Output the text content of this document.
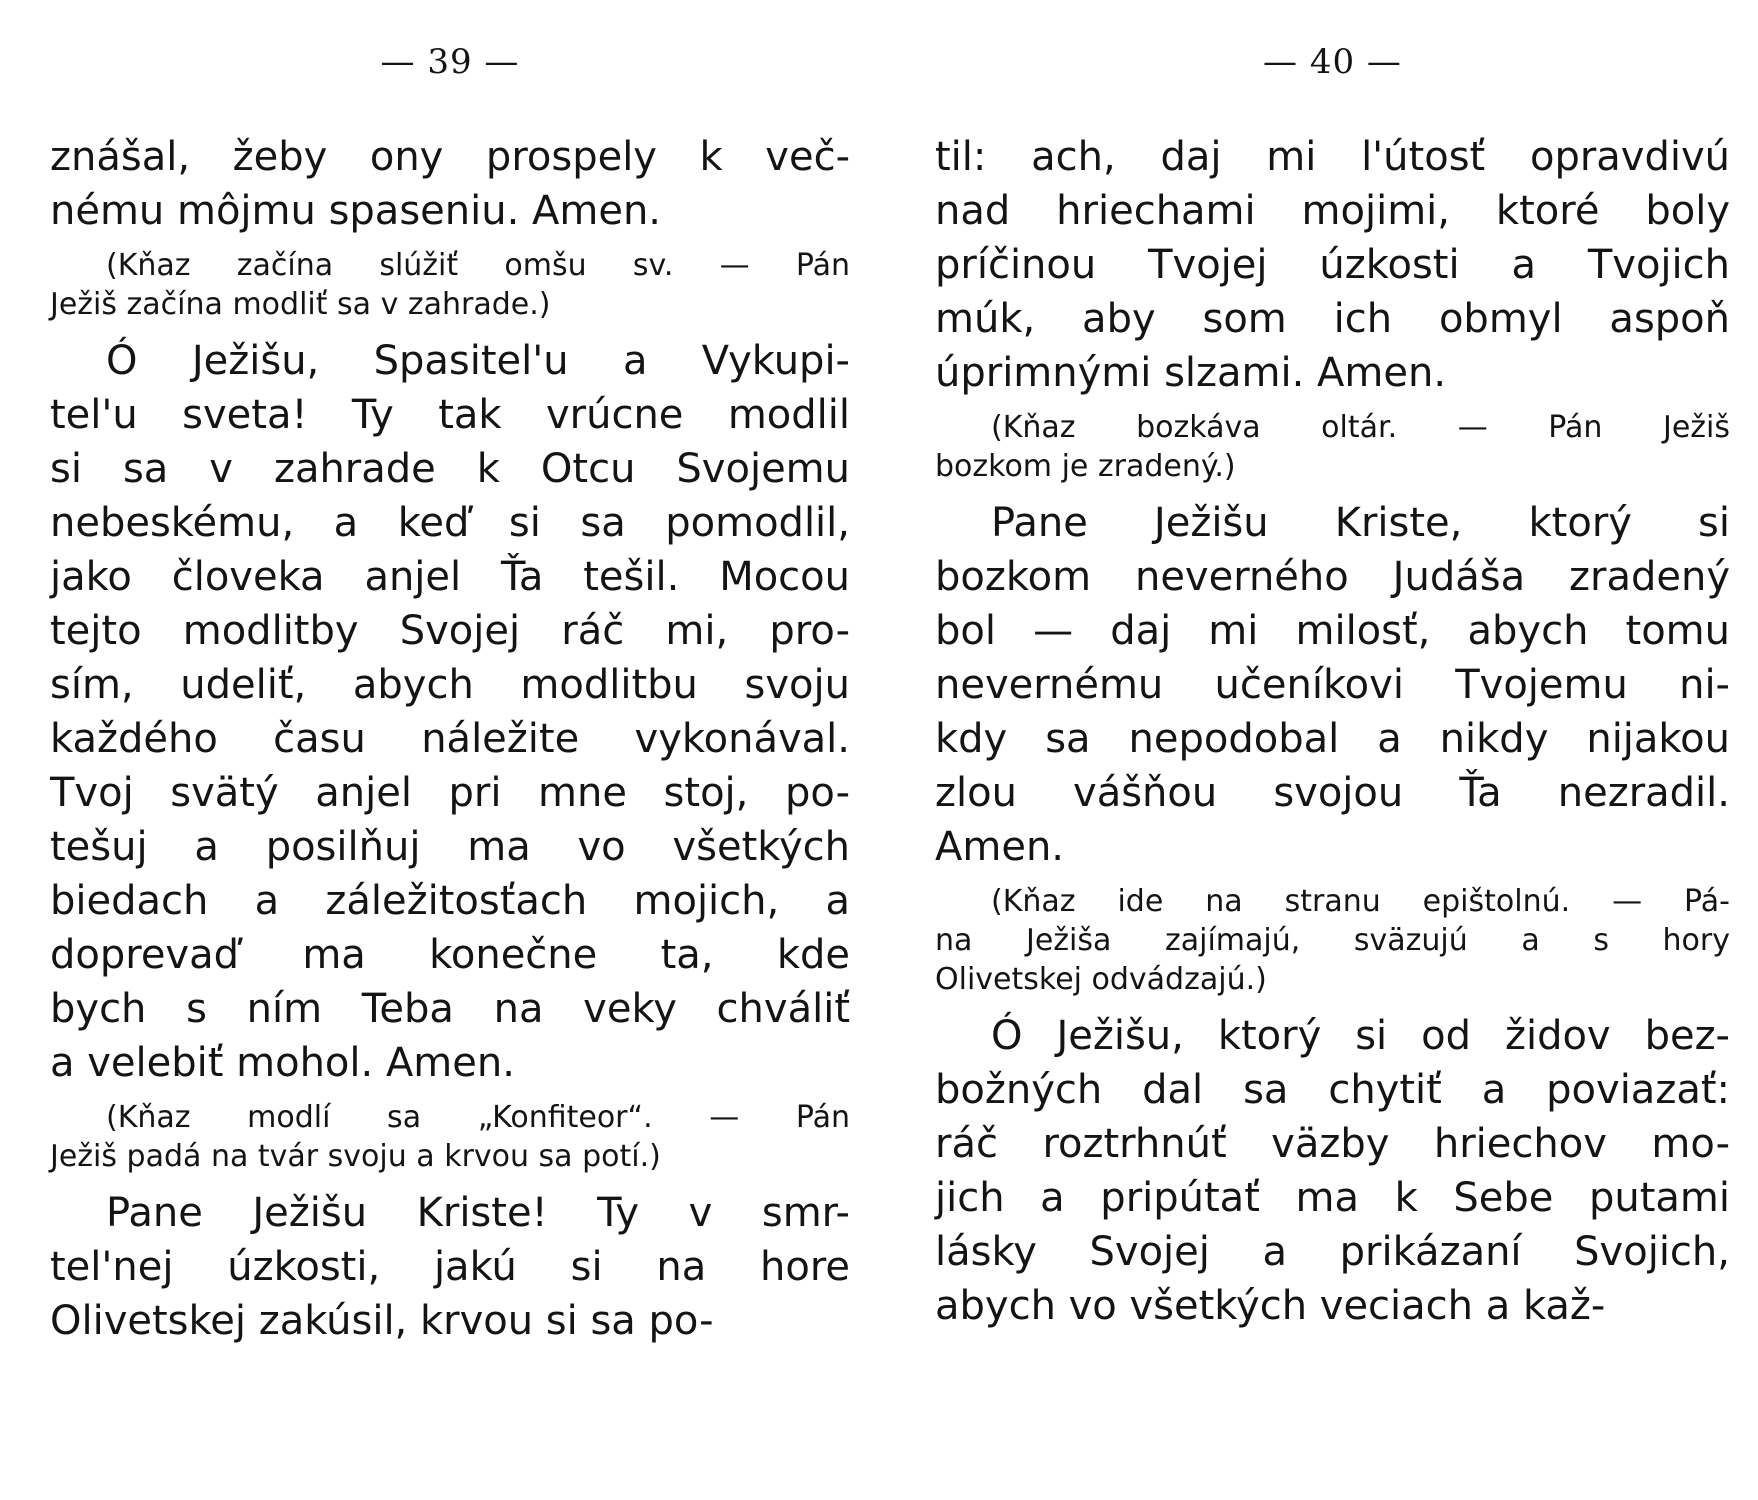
— 39 —
znášal, žeby ony prospely k več-
nému môjmu spaseniu. Amen.
(Kňaz začína slúžiť omšu sv. — Pán
Ježiš začína modliť sa v zahrade.)
Ó Ježišu, Spasitel'u a Vykupi-
tel'u sveta! Ty tak vrúcne modlil
si sa v zahrade k Otcu Svojemu
nebeskému, a keď si sa pomodlil,
jako človeka anjel Ťa tešil. Mocou
tejto modlitby Svojej ráč mi, pro-
sím, udeliť, abych modlitbu svoju
každého času náležite vykonával.
Tvoj svätý anjel pri mne stoj, po-
tešuj a posilňuj ma vo všetkých
biedach a záležitosťach mojich, a
dopreva​ď ma konečne ta, kde
bych s ním Teba na veky chváliť
a velebiť mohol. Amen.
(Kňaz modlí sa „Konfiteor“. — Pán
Ježiš padá na tvár svoju a krvou sa potí.)
Pane Ježišu Kriste! Ty v smr-
tel'nej úzkosti, jakú si na hore
Olivetskej zakúsil, krvou si sa po-
— 40 —
til: ach, daj mi l'útosť opravdivú
nad hriechami mojimi, ktoré boly
príčinou Tvojej úzkosti a Tvojich
múk, aby som ich obmyl aspoň
úprimnými slzami. Amen.
(Kňaz bozkáva oltár. — Pán Ježiš
bozkom je zradený.)
Pane Ježišu Kriste, ktorý si
bozkom neverného Judáša zradený
bol — daj mi milosť, abych tomu
nevernému učeníkovi Tvojemu ni-
kdy sa nepodobal a nikdy nijakou
zlou vášňou svojou Ťa nezradil.
Amen.
(Kňaz ide na stranu epištolnú. — Pá-
na Ježiša zajímajú, sväzujú a s hory
Olivetskej odvádzajú.)
Ó Ježišu, ktorý si od židov bez-
božných dal sa chytiť a poviazať:
ráč roztrhnúť väzby hriechov mo-
jich a pripútať ma k Sebe putami
lásky Svojej a prikázaní Svojich,
abych vo všetkých veciach a kaž-
